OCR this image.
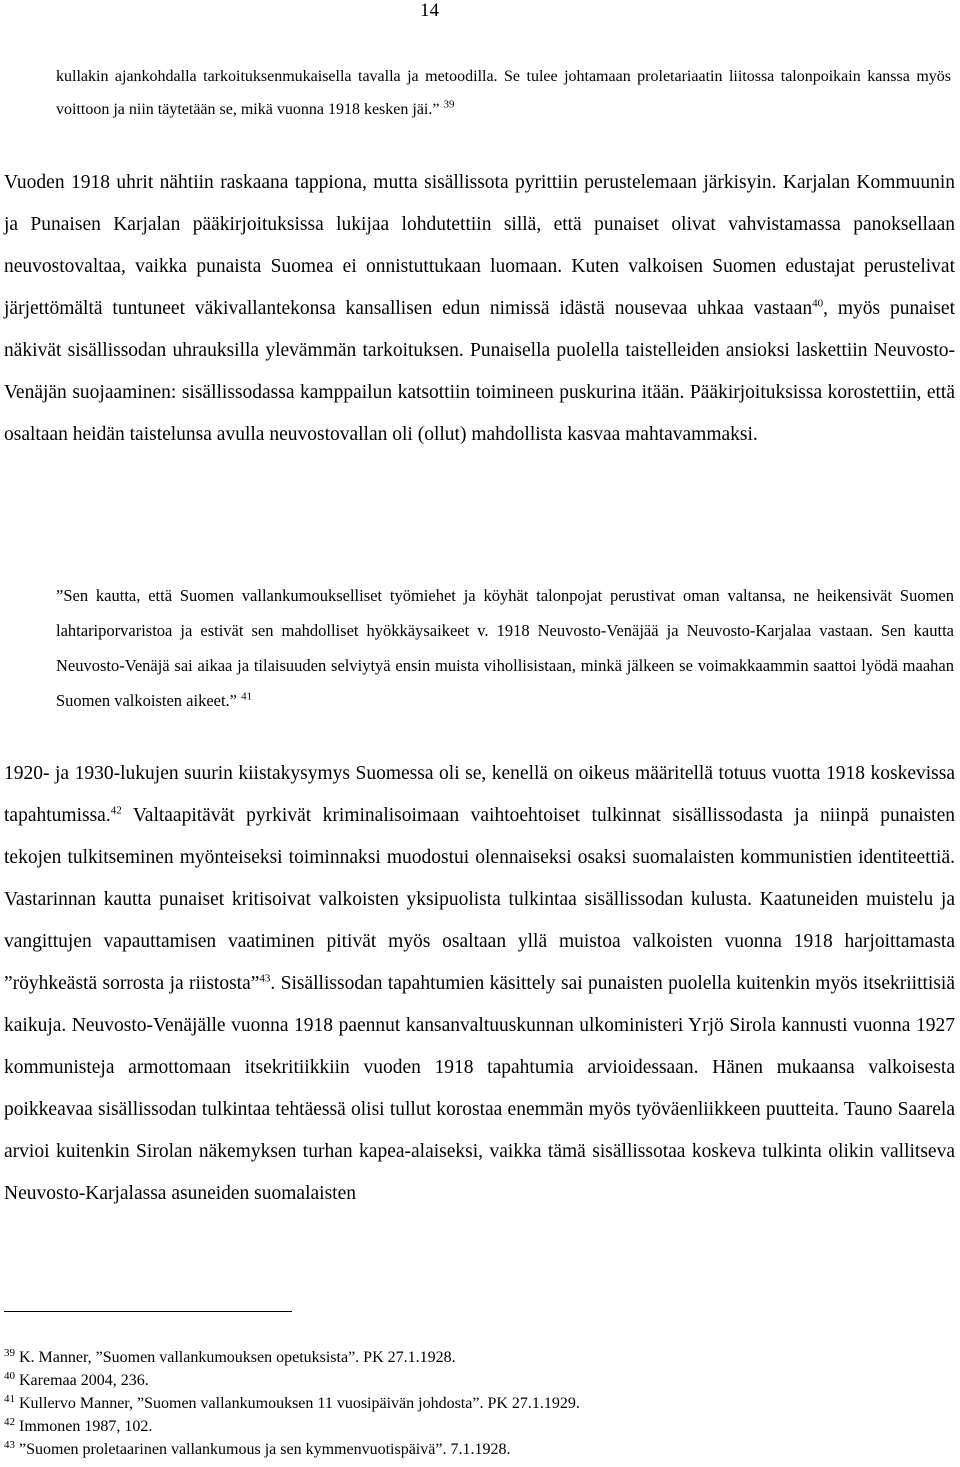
14

kullakin ajankohdalla tarkoituksenmukaisella tavalla ja metoodilla. Se tulee johtamaan proletariaatin liitossa talonpoikain kanssa myös voittoon ja niin täytetään se, mikä vuonna 1918 kesken jäi.” $^{39}$

Vuoden 1918 uhrit nähtiin raskaana tappiona, mutta sisällissota pyrittiin perustelemaan järkisyin. Karjalan Kommuunin ja Punaisen Karjalan pääkirjoituksissa lukijaa lohdutettiin sillä, että punaiset olivat vahvistamassa panoksellaan neuvostovaltaa, vaikka punaista Suomea ei onnistuttukaan luomaan. Kuten valkoisen Suomen edustajat perustelivat järjettömältä tuntuneet väkivallantekonsa kansallisen edun nimissä idästä nousevaa uhkaa vastaan$^{40}$, myös punaiset näkivät sisällissodan uhrauksilla ylevämmän tarkoituksen. Punaisella puolella taistelleiden ansioksi laskettiin Neuvosto-Venäjän suojaaminen: sisällissodassa kamppailun katsottiin toimineen puskurina itään. Pääkirjoituksissa korostettiin, että osaltaan heidän taistelunsa avulla neuvostovallan oli (ollut) mahdollista kasvaa mahtavammaksi.

”Sen kautta, että Suomen vallankumoukselliset työmiehet ja köyhät talonpojat perustivat oman valtansa, ne heikensivät Suomen lahtariporvaristoa ja estivät sen mahdolliset hyökkäysaikeet v. 1918 Neuvosto-Venäjää ja Neuvosto-Karjalaa vastaan. Sen kautta Neuvosto-Venäjä sai aikaa ja tilaisuuden selviytyä ensin muista vihollisistaan, minkä jälkeen se voimakkaammin saattoi lyödä maahan Suomen valkoisten aikeet.” $^{41}$

1920- ja 1930-lukujen suurin kiistakysymys Suomessa oli se, kenellä on oikeus määritellä totuus vuotta 1918 koskevissa tapahtumissa.$^{42}$ Valtaapitävät pyrkivät kriminalisoimaan vaihtoehtoiset tulkinnat sisällissodasta ja niinpä punaisten tekojen tulkitseminen myönteiseksi toiminnaksi muodostui olennaiseksi osaksi suomalaisten kommunistien identiteettiä. Vastarinnan kautta punaiset kritisoivat valkoisten yksipuolista tulkintaa sisällissodan kulusta. Kaatuneiden muistelu ja vangittujen vapauttamisen vaatiminen pitivät myös osaltaan yllä muistoa valkoisten vuonna 1918 harjoittamasta ”röyhkeästä sorrosta ja riistosta”$^{43}$. Sisällissodan tapahtumien käsittely sai punaisten puolella kuitenkin myös itsekriittisiä kaikuja. Neuvosto-Venäjälle vuonna 1918 paennut kansanvaltuuskunnan ulkoministeri Yrjö Sirola kannusti vuonna 1927 kommunisteja armottomaan itsekritiikkiin vuoden 1918 tapahtumia arvioidessaan. Hänen mukaansa valkoisesta poikkeavaa sisällissodan tulkintaa tehtäessä olisi tullut korostaa enemmän myös työväenliikkeen puutteita. Tauno Saarela arvioi kuitenkin Sirolan näkemyksen turhan kapea-alaiseksi, vaikka tämä sisällissotaa koskeva tulkinta olikin vallitseva Neuvosto-Karjalassa asuneiden suomalaisten

$^{39}$ K. Manner, ”Suomen vallankumouksen opetuksista”. PK 27.1.1928.
$^{40}$ Karemaa 2004, 236.
$^{41}$ Kullervo Manner, ”Suomen vallankumouksen 11 vuosipäivän johdosta”. PK 27.1.1929.
$^{42}$ Immonen 1987, 102.
$^{43}$ ”Suomen proletaarinen vallankumous ja sen kymmenvuotispäivä”. 7.1.1928.
